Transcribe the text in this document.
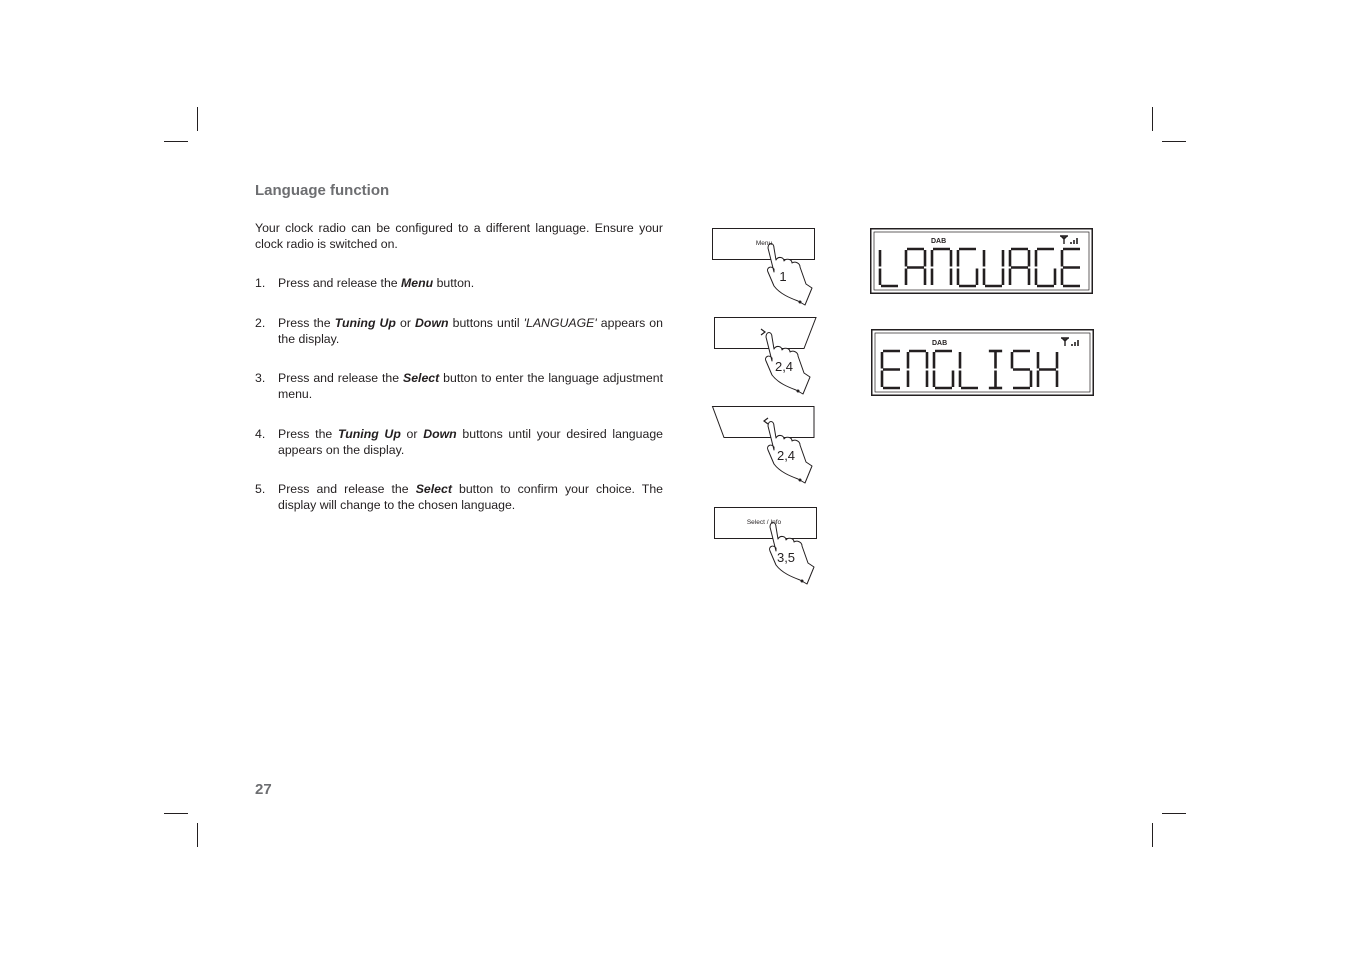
Language function
Your clock radio can be configured to a different language. Ensure your clock radio is switched on.
1. Press and release the Menu button.
2. Press the Tuning Up or Down buttons until 'LANGUAGE' appears on the display.
3. Press and release the Select button to enter the language adjustment menu.
4. Press the Tuning Up or Down buttons until your desired language appears on the display.
5. Press and release the Select button to confirm your choice. The display will change to the chosen language.
27
Menu
1
2,4
2,4
Select / Info
3,5
DAB
DAB
